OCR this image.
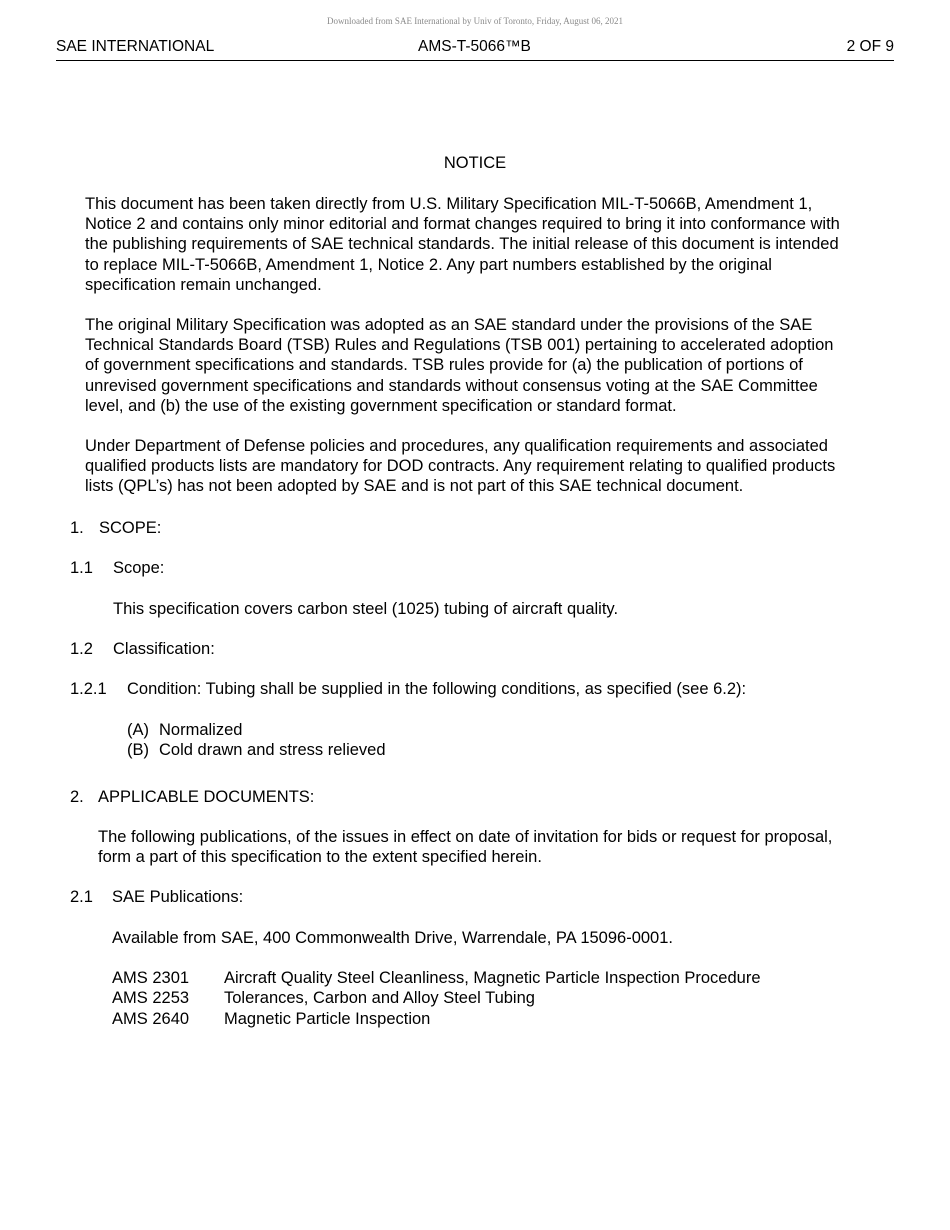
Downloaded from SAE International by Univ of Toronto, Friday, August 06, 2021
SAE INTERNATIONAL	AMS-T-5066™B	2 OF 9
NOTICE
This document has been taken directly from U.S. Military Specification MIL-T-5066B, Amendment 1,
Notice 2 and contains only minor editorial and format changes required to bring it into conformance with
the publishing requirements of SAE technical standards. The initial release of this document is intended
to replace MIL-T-5066B, Amendment 1, Notice 2. Any part numbers established by the original
specification remain unchanged.
The original Military Specification was adopted as an SAE standard under the provisions of the SAE
Technical Standards Board (TSB) Rules and Regulations (TSB 001) pertaining to accelerated adoption
of government specifications and standards. TSB rules provide for (a) the publication of portions of
unrevised government specifications and standards without consensus voting at the SAE Committee
level, and (b) the use of the existing government specification or standard format.
Under Department of Defense policies and procedures, any qualification requirements and associated
qualified products lists are mandatory for DOD contracts. Any requirement relating to qualified products
lists (QPL’s) has not been adopted by SAE and is not part of this SAE technical document.
1. SCOPE:
1.1 Scope:
This specification covers carbon steel (1025) tubing of aircraft quality.
1.2 Classification:
1.2.1 Condition: Tubing shall be supplied in the following conditions, as specified (see 6.2):
(A) Normalized
(B) Cold drawn and stress relieved
2. APPLICABLE DOCUMENTS:
The following publications, of the issues in effect on date of invitation for bids or request for proposal,
form a part of this specification to the extent specified herein.
2.1 SAE Publications:
Available from SAE, 400 Commonwealth Drive, Warrendale, PA 15096-0001.
AMS 2301 Aircraft Quality Steel Cleanliness, Magnetic Particle Inspection Procedure
AMS 2253 Tolerances, Carbon and Alloy Steel Tubing
AMS 2640 Magnetic Particle Inspection
